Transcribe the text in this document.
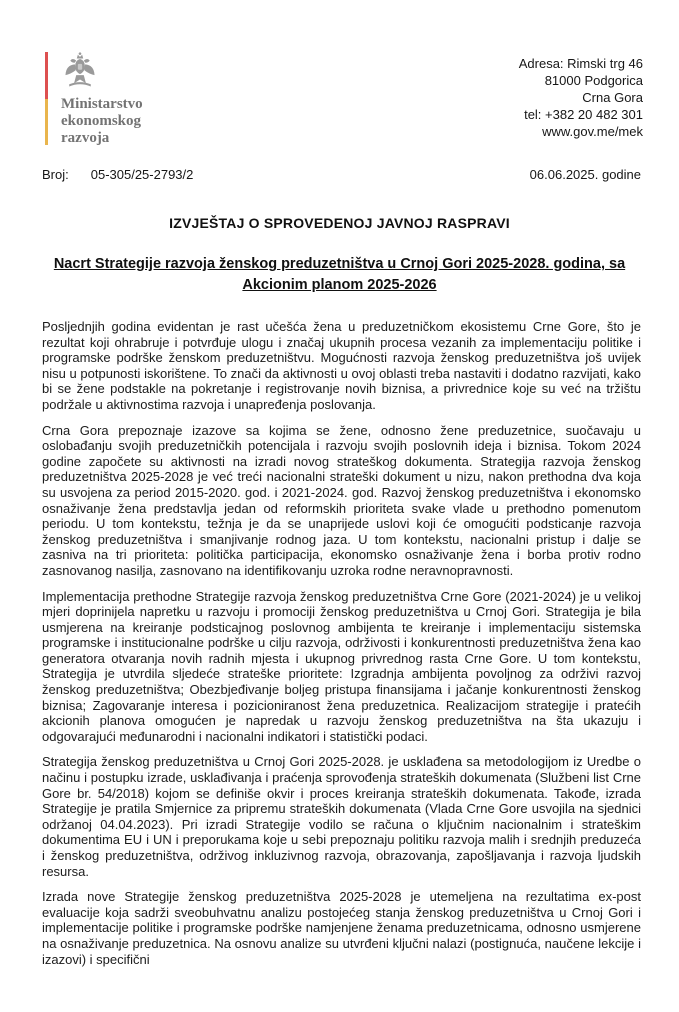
Ministarstvo
ekonomskog
razvoja
Adresa: Rimski trg 46
81000 Podgorica
Crna Gora
tel: +382 20 482 301
www.gov.me/mek
Broj: 05-305/25-2793/2	06.06.2025. godine
IZVJEŠTAJ O SPROVEDENOJ JAVNOJ RASPRAVI
Nacrt Strategije razvoja ženskog preduzetništva u Crnoj Gori 2025-2028. godina, sa Akcionim planom 2025-2026

Posljednjih godina evidentan je rast učešća žena u preduzetničkom ekosistemu Crne Gore, što je rezultat koji ohrabruje i potvrđuje ulogu i značaj ukupnih procesa vezanih za implementaciju politike i programske podrške ženskom preduzetništvu. Mogućnosti razvoja ženskog preduzetništva još uvijek nisu u potpunosti iskorištene. To znači da aktivnosti u ovoj oblasti treba nastaviti i dodatno razvijati, kako bi se žene podstakle na pokretanje i registrovanje novih biznisa, a privrednice koje su već na tržištu podržale u aktivnostima razvoja i unapređenja poslovanja.

Crna Gora prepoznaje izazove sa kojima se žene, odnosno žene preduzetnice, suočavaju u oslobađanju svojih preduzetničkih potencijala i razvoju svojih poslovnih ideja i biznisa. Tokom 2024 godine započete su aktivnosti na izradi novog strateškog dokumenta. Strategija razvoja ženskog preduzetništva 2025-2028 je već treći nacionalni strateški dokument u nizu, nakon prethodna dva koja su usvojena za period 2015-2020. god. i 2021-2024. god. Razvoj ženskog preduzetništva i ekonomsko osnaživanje žena predstavlja jedan od reformskih prioriteta svake vlade u prethodno pomenutom periodu. U tom kontekstu, težnja je da se unaprijede uslovi koji će omogućiti podsticanje razvoja ženskog preduzetništva i smanjivanje rodnog jaza. U tom kontekstu, nacionalni pristup i dalje se zasniva na tri prioriteta: politička participacija, ekonomsko osnaživanje žena i borba protiv rodno zasnovanog nasilja, zasnovano na identifikovanju uzroka rodne neravnopravnosti.

Implementacija prethodne Strategije razvoja ženskog preduzetništva Crne Gore (2021-2024) je u velikoj mjeri doprinijela napretku u razvoju i promociji ženskog preduzetništva u Crnoj Gori. Strategija je bila usmjerena na kreiranje podsticajnog poslovnog ambijenta te kreiranje i implementaciju sistemska programske i institucionalne podrške u cilju razvoja, održivosti i konkurentnosti preduzetništva žena kao generatora otvaranja novih radnih mjesta i ukupnog privrednog rasta Crne Gore. U tom kontekstu, Strategija je utvrdila sljedeće strateške prioritete: Izgradnja ambijenta povoljnog za održivi razvoj ženskog preduzetništva; Obezbjeđivanje boljeg pristupa finansijama i jačanje konkurentnosti ženskog biznisa; Zagovaranje interesa i pozicioniranost žena preduzetnica. Realizacijom strategije i pratećih akcionih planova omogućen je napredak u razvoju ženskog preduzetništva na šta ukazuju i odgovarajući međunarodni i nacionalni indikatori i statistički podaci.

Strategija ženskog preduzetništva u Crnoj Gori 2025-2028. je usklađena sa metodologijom iz Uredbe o načinu i postupku izrade, usklađivanja i praćenja sprovođenja strateških dokumenata (Službeni list Crne Gore br. 54/2018) kojom se definiše okvir i proces kreiranja strateških dokumenata. Takođe, izrada Strategije je pratila Smjernice za pripremu strateških dokumenata (Vlada Crne Gore usvojila na sjednici održanoj 04.04.2023). Pri izradi Strategije vodilo se računa o ključnim nacionalnim i strateškim dokumentima EU i UN i preporukama koje u sebi prepoznaju politiku razvoja malih i srednjih preduzeća i ženskog preduzetništva, održivog inkluzivnog razvoja, obrazovanja, zapošljavanja i razvoja ljudskih resursa.

Izrada nove Strategije ženskog preduzetništva 2025-2028 je utemeljena na rezultatima ex-post evaluacije koja sadrži sveobuhvatnu analizu postojećeg stanja ženskog preduzetništva u Crnoj Gori i implementacije politike i programske podrške namjenjene ženama preduzetnicama, odnosno usmjerene na osnaživanje preduzetnica. Na osnovu analize su utvrđeni ključni nalazi (postignuća, naučene lekcije i izazovi) i specifični
